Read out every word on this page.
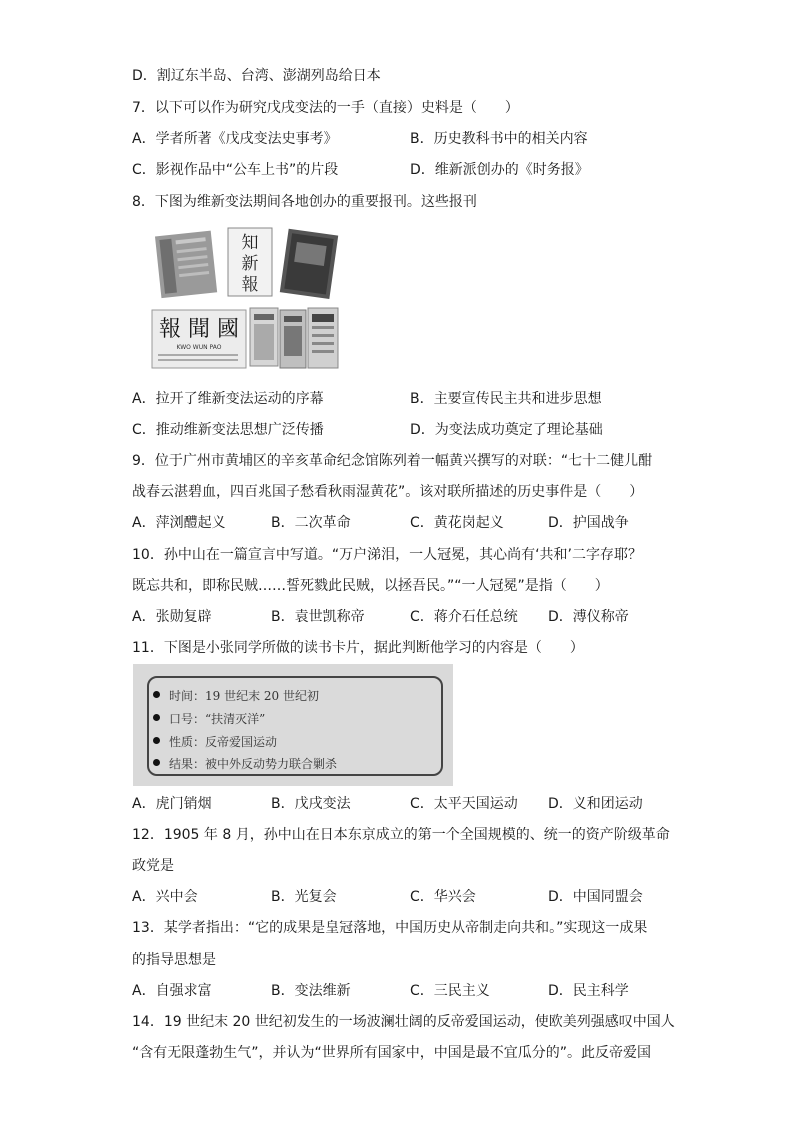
D．割辽东半岛、台湾、澎湖列岛给日本
7．以下可以作为研究戊戌变法的一手（直接）史料是（　　）
A．学者所著《戊戌变法史事考》	B．历史教科书中的相关内容
C．影视作品中“公车上书”的片段	D．维新派创办的《时务报》
8．下图为维新变法期间各地创办的重要报刊。这些报刊
知
新
報
報 聞 國
KWO WUN PAO
A．拉开了维新变法运动的序幕	B．主要宣传民主共和进步思想
C．推动维新变法思想广泛传播	D．为变法成功奠定了理论基础
9．位于广州市黄埔区的辛亥革命纪念馆陈列着一幅黄兴撰写的对联：“七十二健儿酣
战春云湛碧血，四百兆国子愁看秋雨湿黄花”。该对联所描述的历史事件是（　　）
A．萍浏醴起义	B．二次革命	C．黄花岗起义	D．护国战争
10．孙中山在一篇宣言中写道。“万户涕泪，一人冠冕，其心尚有‘共和’二字存耶？
既忘共和，即称民贼……誓死戮此民贼，以拯吾民。”“一人冠冕”是指（　　）
A．张勋复辟	B．袁世凯称帝	C．蒋介石任总统 D．溥仪称帝
11．下图是小张同学所做的读书卡片，据此判断他学习的内容是（　　）
时间：19 世纪末 20 世纪初
口号：“扶清灭洋”
性质：反帝爱国运动
结果：被中外反动势力联合剿杀
A．虎门销烟	B．戊戌变法	C．太平天国运动 D．义和团运动
12．1905 年 8 月，孙中山在日本东京成立的第一个全国规模的、统一的资产阶级革命
政党是
A．兴中会	B．光复会	C．华兴会	D．中国同盟会
13．某学者指出：“它的成果是皇冠落地，中国历史从帝制走向共和。”实现这一成果
的指导思想是
A．自强求富	B．变法维新	C．三民主义	D．民主科学
14．19 世纪末 20 世纪初发生的一场波澜壮阔的反帝爱国运动，使欧美列强感叹中国人
“含有无限蓬勃生气”，并认为“世界所有国家中，中国是最不宜瓜分的”。此反帝爱国
